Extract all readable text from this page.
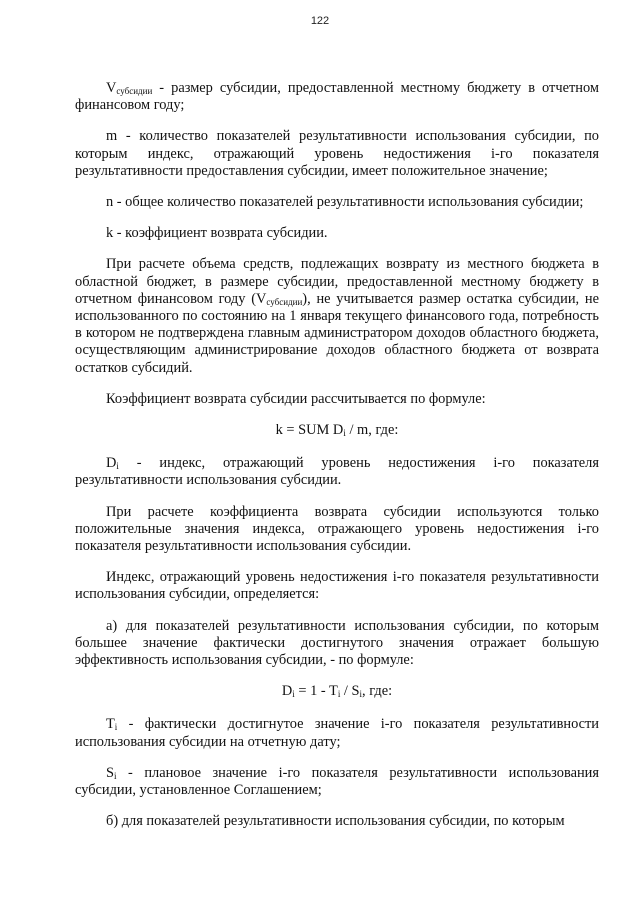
122

$V_{субсидии}$ - размер субсидии, предоставленной местному бюджету в отчетном финансовом году;

m - количество показателей результативности использования субсидии, по которым индекс, отражающий уровень недостижения i-го показателя результативности предоставления субсидии, имеет положительное значение;

n - общее количество показателей результативности использования субсидии;

k - коэффициент возврата субсидии.

При расчете объема средств, подлежащих возврату из местного бюджета в областной бюджет, в размере субсидии, предоставленной местному бюджету в отчетном финансовом году $(V_{субсидии})$, не учитывается размер остатка субсидии, не использованного по состоянию на 1 января текущего финансового года, потребность в котором не подтверждена главным администратором доходов областного бюджета, осуществляющим администрирование доходов областного бюджета от возврата остатков субсидий.

Коэффициент возврата субсидии рассчитывается по формуле:

k = SUM $D_i$ / m, где:

$D_i$ - индекс, отражающий уровень недостижения i-го показателя результативности использования субсидии.

При расчете коэффициента возврата субсидии используются только положительные значения индекса, отражающего уровень недостижения i-го показателя результативности использования субсидии.

Индекс, отражающий уровень недостижения i-го показателя результативности использования субсидии, определяется:

а) для показателей результативности использования субсидии, по которым большее значение фактически достигнутого значения отражает большую эффективность использования субсидии, - по формуле:

$D_i = 1 - T_i / S_i$, где:

$T_i$ - фактически достигнутое значение i-го показателя результативности использования субсидии на отчетную дату;

$S_i$ - плановое значение i-го показателя результативности использования субсидии, установленное Соглашением;

б) для показателей результативности использования субсидии, по которым
